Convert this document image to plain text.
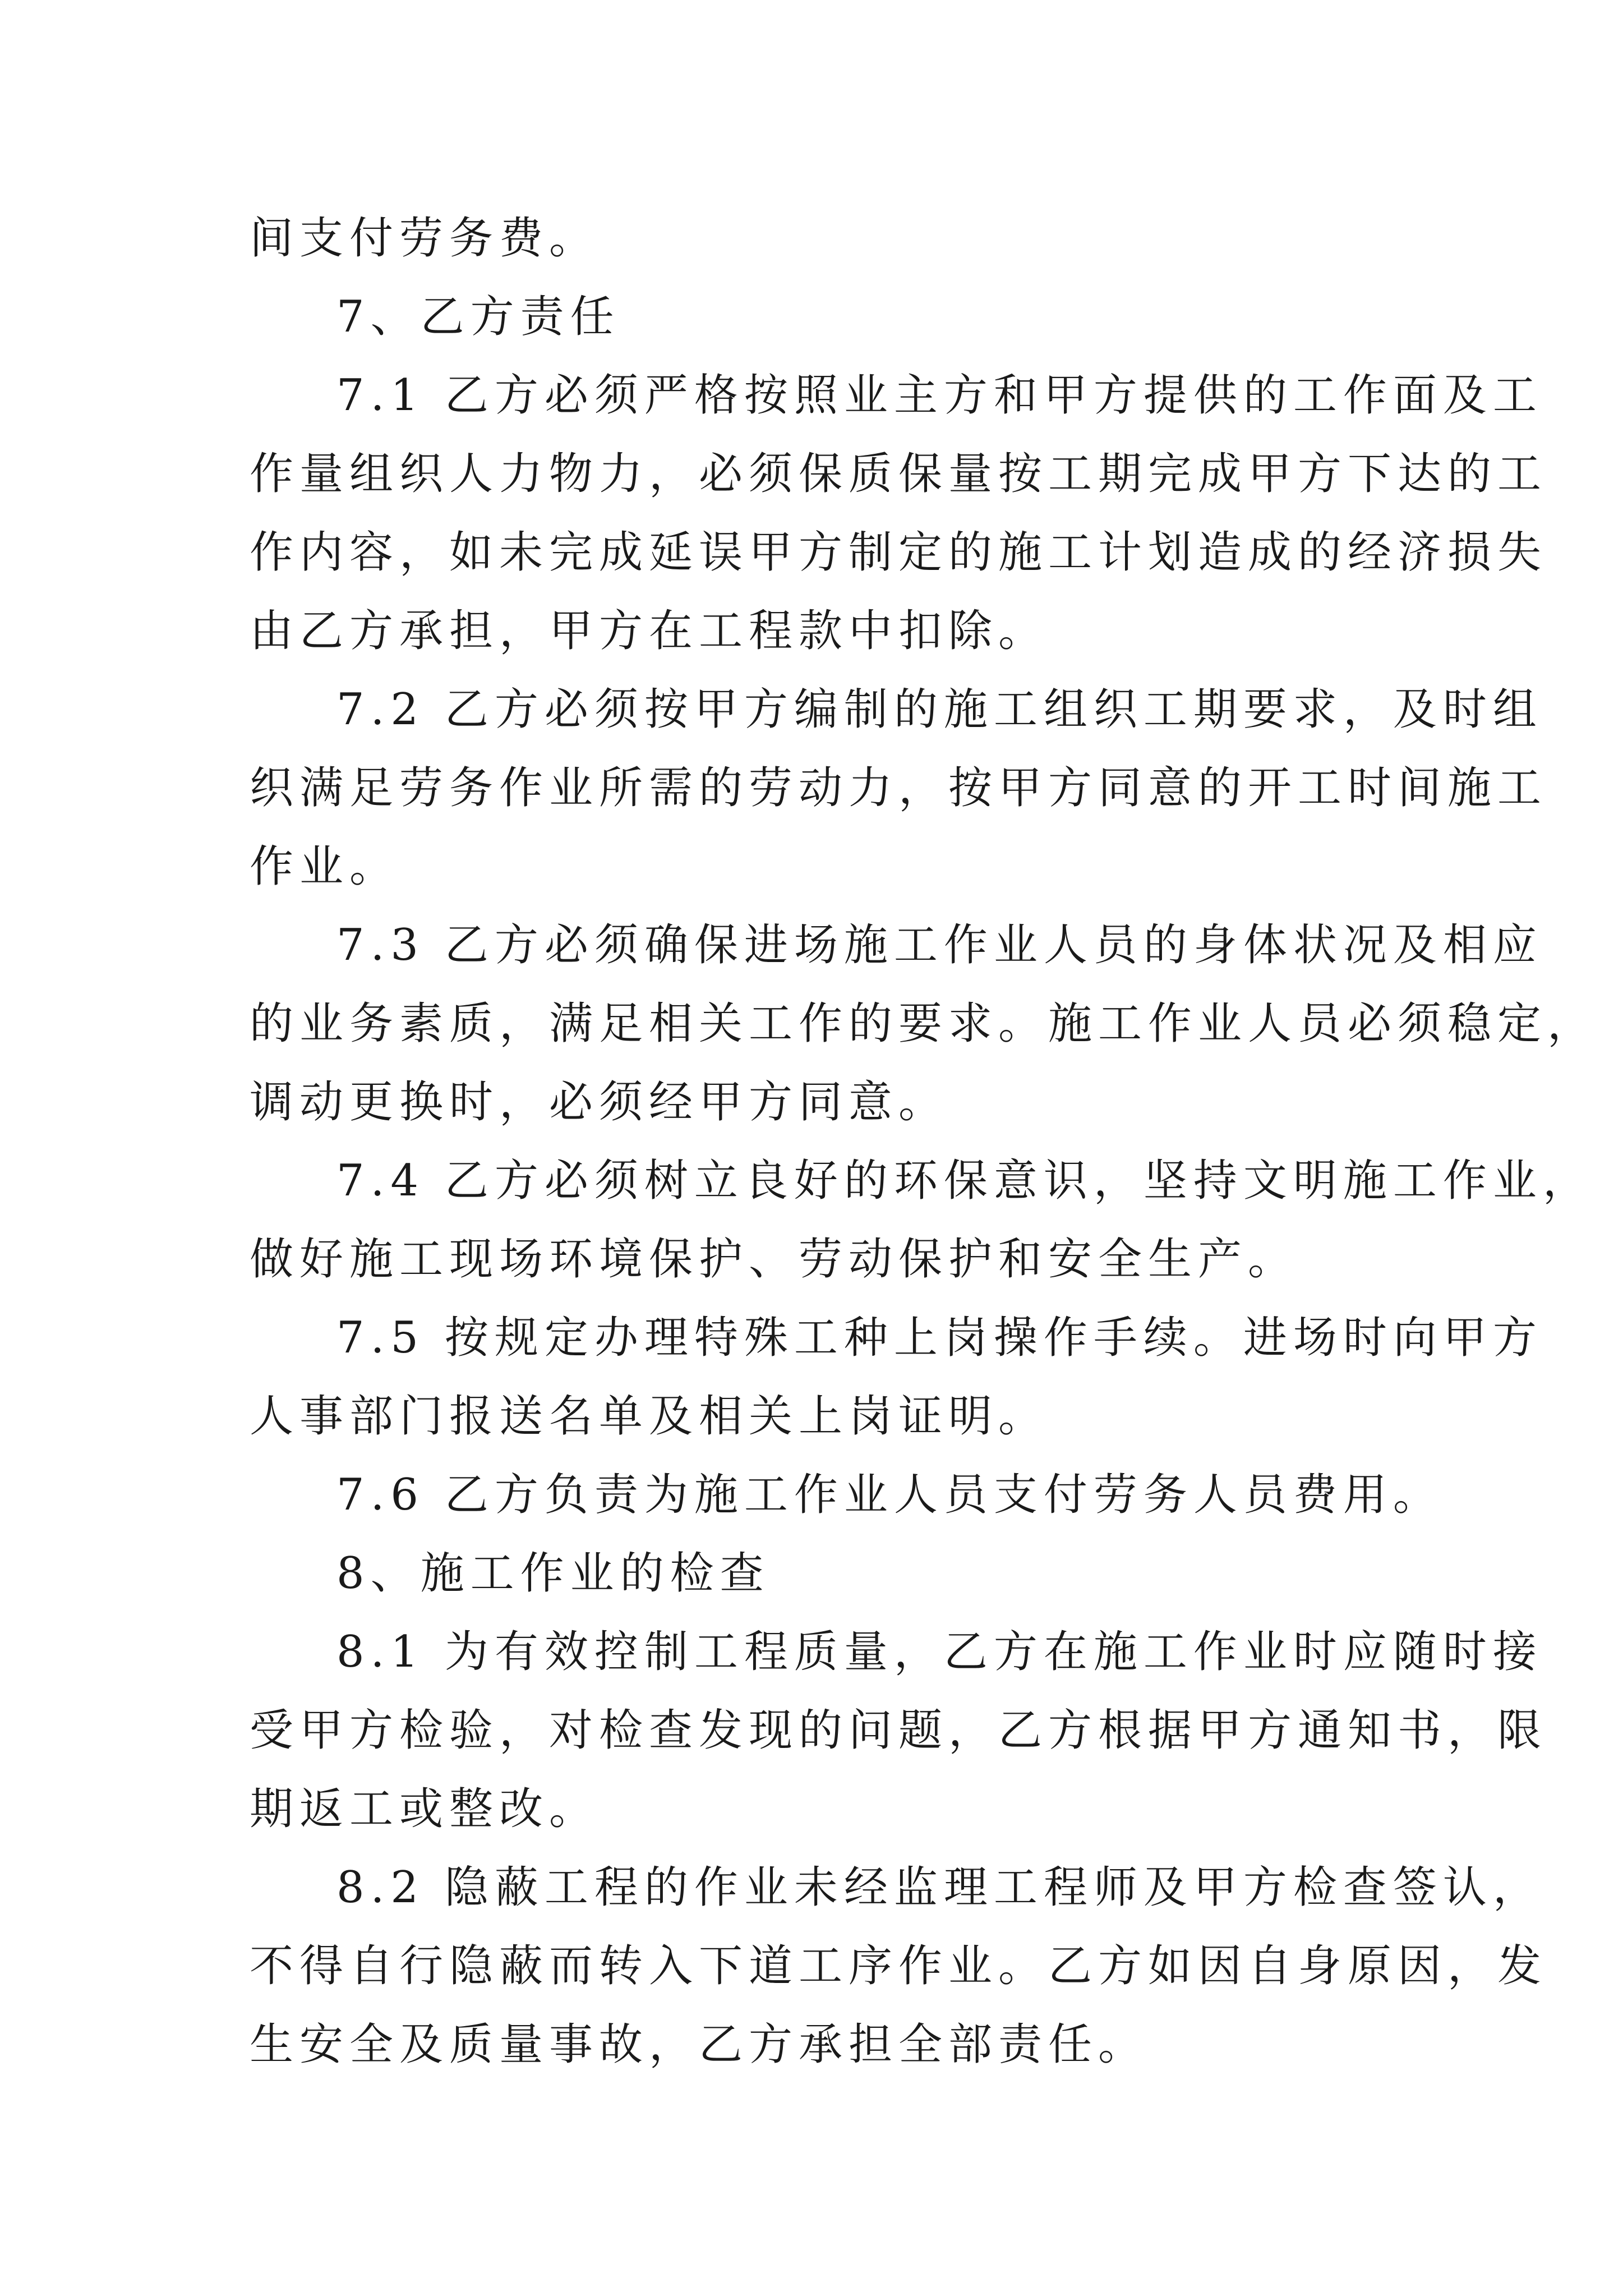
间支付劳务费。
7、乙方责任
7.1 乙方必须严格按照业主方和甲方提供的工作面及工
作量组织人力物力，必须保质保量按工期完成甲方下达的工
作内容，如未完成延误甲方制定的施工计划造成的经济损失
由乙方承担，甲方在工程款中扣除。
7.2 乙方必须按甲方编制的施工组织工期要求，及时组
织满足劳务作业所需的劳动力，按甲方同意的开工时间施工
作业。
7.3 乙方必须确保进场施工作业人员的身体状况及相应
的业务素质，满足相关工作的要求。施工作业人员必须稳定，
调动更换时，必须经甲方同意。
7.4 乙方必须树立良好的环保意识，坚持文明施工作业，
做好施工现场环境保护、劳动保护和安全生产。
7.5 按规定办理特殊工种上岗操作手续。进场时向甲方
人事部门报送名单及相关上岗证明。
7.6 乙方负责为施工作业人员支付劳务人员费用。
8、施工作业的检查
8.1 为有效控制工程质量，乙方在施工作业时应随时接
受甲方检验，对检查发现的问题，乙方根据甲方通知书，限
期返工或整改。
8.2 隐蔽工程的作业未经监理工程师及甲方检查签认，
不得自行隐蔽而转入下道工序作业。乙方如因自身原因，发
生安全及质量事故，乙方承担全部责任。
